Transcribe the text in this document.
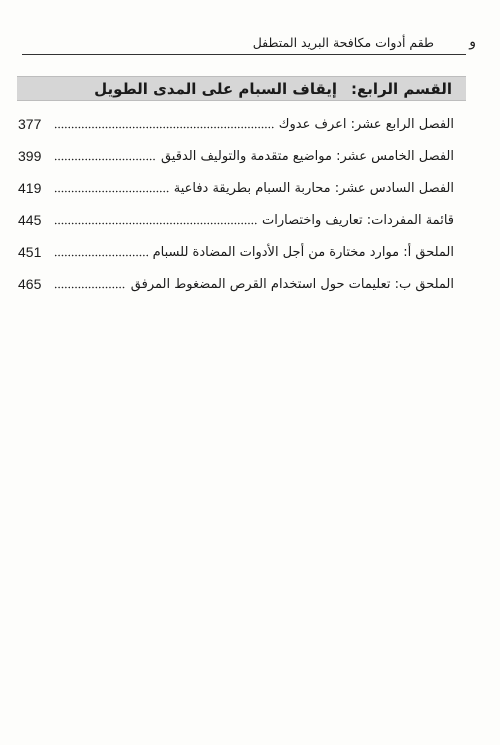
و
طقم أدوات مكافحة البريد المتطفل
القسم الرابع:إيقاف السبام على المدى الطويل
الفصل الرابع عشر: اعرف عدوك
377
الفصل الخامس عشر: مواضيع متقدمة والتوليف الدقيق
399
الفصل السادس عشر: محاربة السبام بطريقة دفاعية
419
قائمة المفردات: تعاريف واختصارات
445
الملحق أ: موارد مختارة من أجل الأدوات المضادة للسبام
451
الملحق ب: تعليمات حول استخدام القرص المضغوط المرفق
465
